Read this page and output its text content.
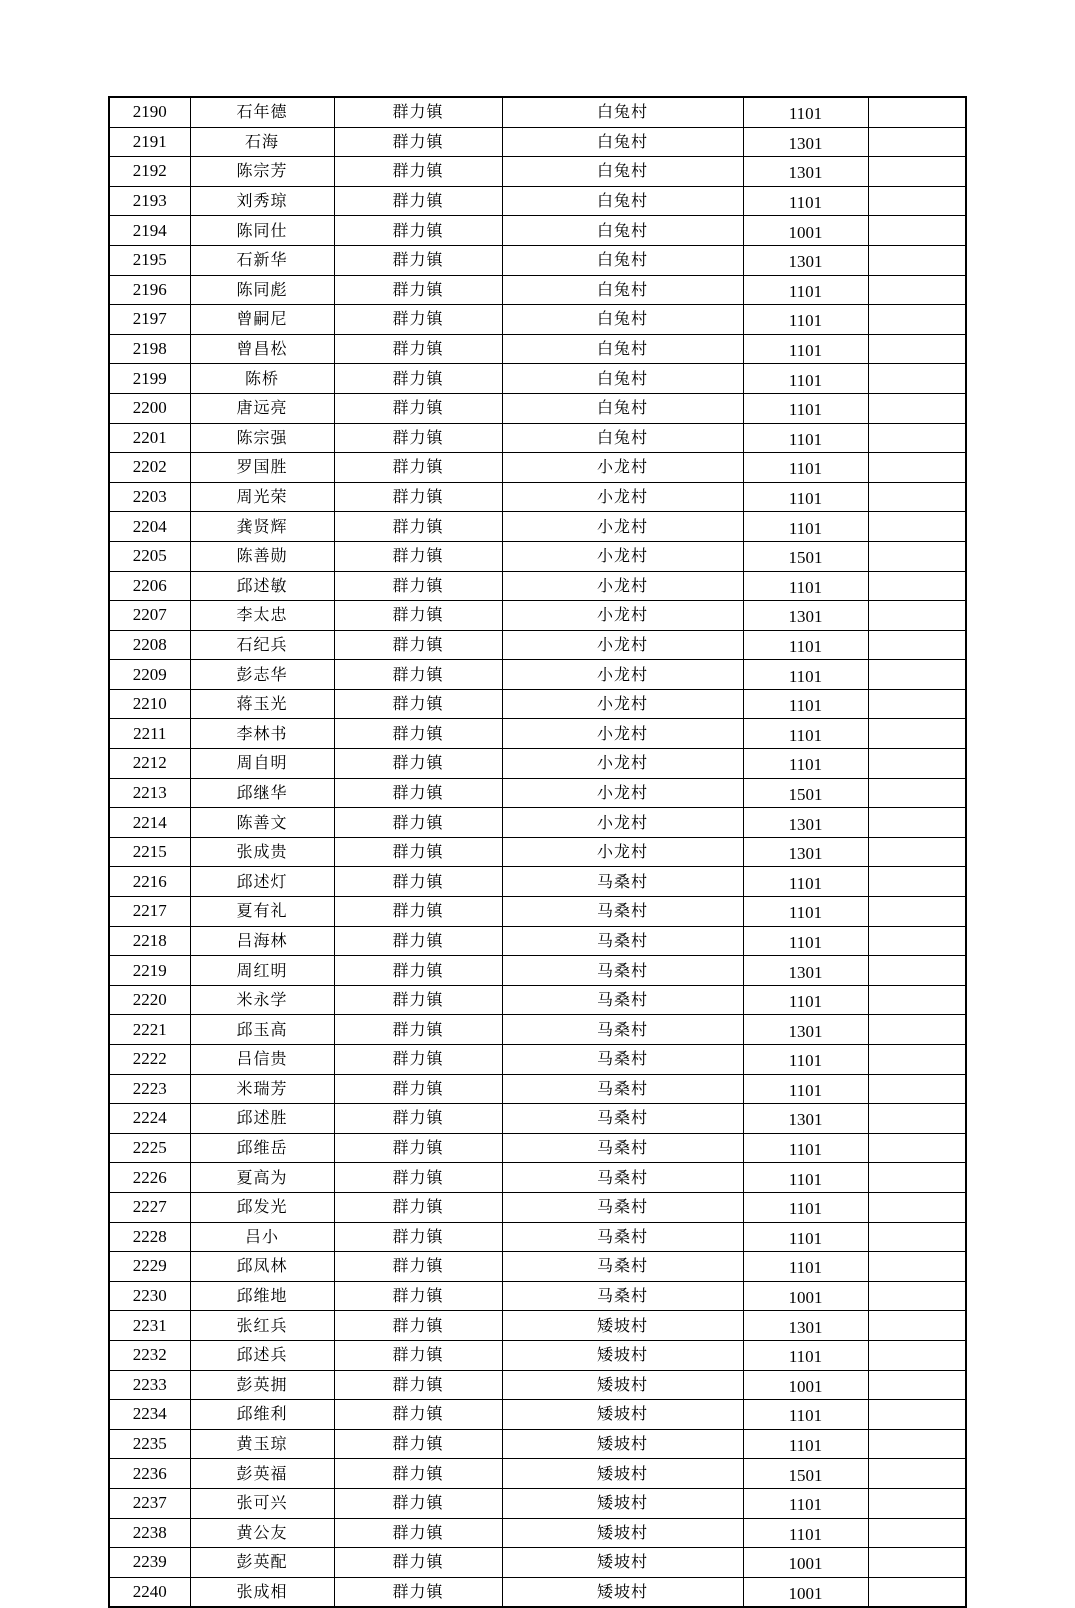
2190	石年德	群力镇	白兔村	1101	
2191	石海	群力镇	白兔村	1301	
2192	陈宗芳	群力镇	白兔村	1301	
2193	刘秀琼	群力镇	白兔村	1101	
2194	陈同仕	群力镇	白兔村	1001	
2195	石新华	群力镇	白兔村	1301	
2196	陈同彪	群力镇	白兔村	1101	
2197	曾嗣尼	群力镇	白兔村	1101	
2198	曾昌松	群力镇	白兔村	1101	
2199	陈桥	群力镇	白兔村	1101	
2200	唐远亮	群力镇	白兔村	1101	
2201	陈宗强	群力镇	白兔村	1101	
2202	罗国胜	群力镇	小龙村	1101	
2203	周光荣	群力镇	小龙村	1101	
2204	龚贤辉	群力镇	小龙村	1101	
2205	陈善勋	群力镇	小龙村	1501	
2206	邱述敏	群力镇	小龙村	1101	
2207	李太忠	群力镇	小龙村	1301	
2208	石纪兵	群力镇	小龙村	1101	
2209	彭志华	群力镇	小龙村	1101	
2210	蒋玉光	群力镇	小龙村	1101	
2211	李林书	群力镇	小龙村	1101	
2212	周自明	群力镇	小龙村	1101	
2213	邱继华	群力镇	小龙村	1501	
2214	陈善文	群力镇	小龙村	1301	
2215	张成贵	群力镇	小龙村	1301	
2216	邱述灯	群力镇	马桑村	1101	
2217	夏有礼	群力镇	马桑村	1101	
2218	吕海林	群力镇	马桑村	1101	
2219	周红明	群力镇	马桑村	1301	
2220	米永学	群力镇	马桑村	1101	
2221	邱玉高	群力镇	马桑村	1301	
2222	吕信贵	群力镇	马桑村	1101	
2223	米瑞芳	群力镇	马桑村	1101	
2224	邱述胜	群力镇	马桑村	1301	
2225	邱维岳	群力镇	马桑村	1101	
2226	夏高为	群力镇	马桑村	1101	
2227	邱发光	群力镇	马桑村	1101	
2228	吕小	群力镇	马桑村	1101	
2229	邱凤林	群力镇	马桑村	1101	
2230	邱维地	群力镇	马桑村	1001	
2231	张红兵	群力镇	矮坡村	1301	
2232	邱述兵	群力镇	矮坡村	1101	
2233	彭英拥	群力镇	矮坡村	1001	
2234	邱维利	群力镇	矮坡村	1101	
2235	黄玉琼	群力镇	矮坡村	1101	
2236	彭英福	群力镇	矮坡村	1501	
2237	张可兴	群力镇	矮坡村	1101	
2238	黄公友	群力镇	矮坡村	1101	
2239	彭英配	群力镇	矮坡村	1001	
2240	张成相	群力镇	矮坡村	1001	
